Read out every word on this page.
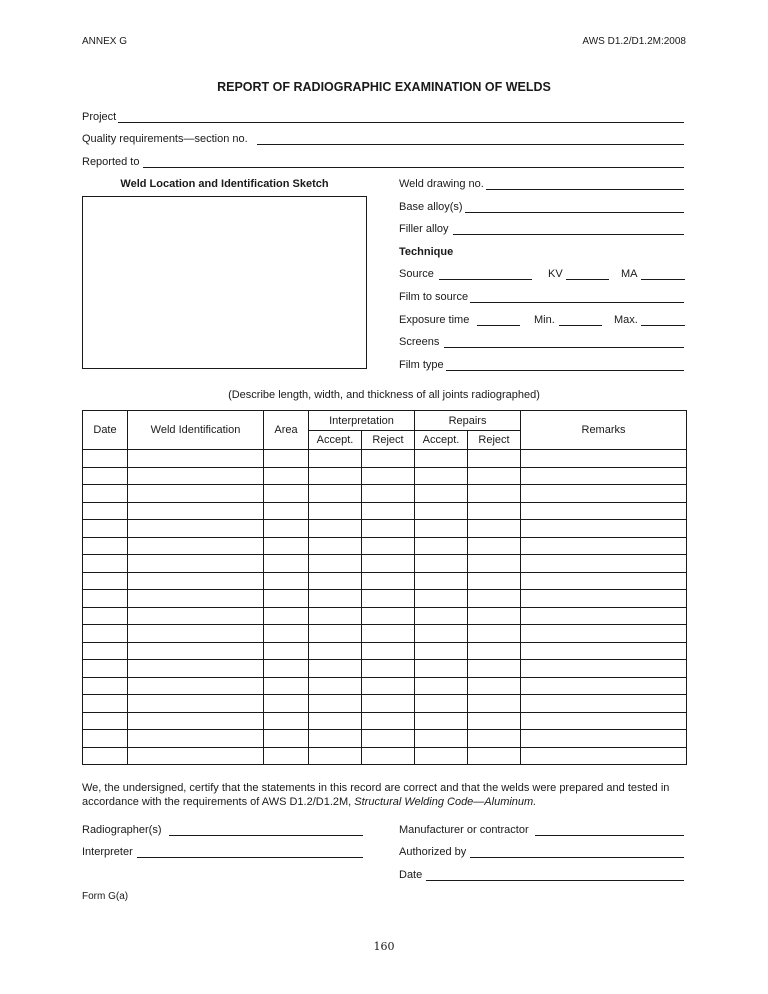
ANNEX G	AWS D1.2/D1.2M:2008
REPORT OF RADIOGRAPHIC EXAMINATION OF WELDS
Project
Quality requirements—section no.
Reported to
Weld Location and Identification Sketch	Weld drawing no.
Base alloy(s)
Filler alloy
Technique
Source	KV	MA
Film to source
Exposure time	Min.	Max.
Screens
Film type
(Describe length, width, and thickness of all joints radiographed)
Date	Weld Identification	Area	Interpretation		Repairs		Remarks
			Accept.	Reject	Accept.	Reject	

We, the undersigned, certify that the statements in this record are correct and that the welds were prepared and tested in accordance with the requirements of AWS D1.2/D1.2M, Structural Welding Code—Aluminum.
Radiographer(s)	Manufacturer or contractor
Interpreter	Authorized by
Date
Form G(a)
160
